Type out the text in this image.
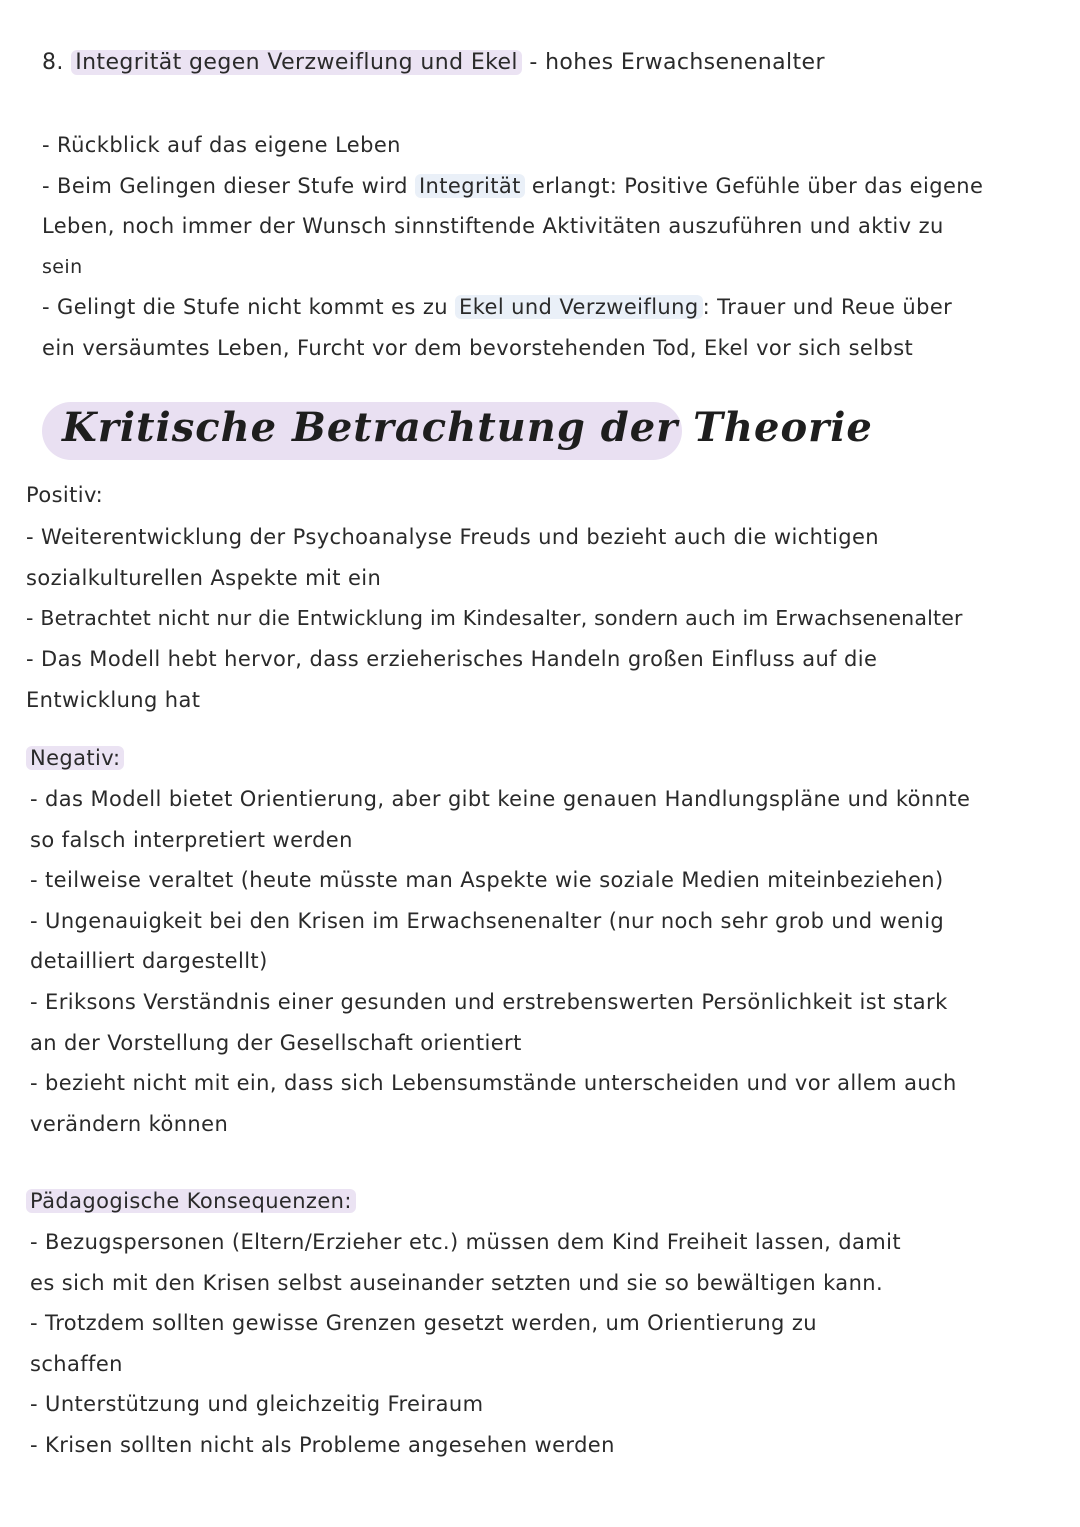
8. Integrität gegen Verzweiflung und Ekel - hohes Erwachsenenalter

- Rückblick auf das eigene Leben

- Beim Gelingen dieser Stufe wird Integrität erlangt: Positive Gefühle über das eigene

Leben, noch immer der Wunsch sinnstiftende Aktivitäten auszuführen und aktiv zu

sein

- Gelingt die Stufe nicht kommt es zu Ekel und Verzweiflung : Trauer und Reue über

ein versäumtes Leben, Furcht vor dem bevorstehenden Tod, Ekel vor sich selbst

Kritische Betrachtung der Theorie

Positiv:

- Weiterentwicklung der Psychoanalyse Freuds und bezieht auch die wichtigen

sozialkulturellen Aspekte mit ein

- Betrachtet nicht nur die Entwicklung im Kindesalter, sondern auch im Erwachsenenalter

- Das Modell hebt hervor, dass erzieherisches Handeln großen Einfluss auf die

Entwicklung hat

Negativ:

- das Modell bietet Orientierung, aber gibt keine genauen Handlungspläne und könnte

so falsch interpretiert werden

- teilweise veraltet (heute müsste man Aspekte wie soziale Medien miteinbeziehen)

- Ungenauigkeit bei den Krisen im Erwachsenenalter (nur noch sehr grob und wenig

detailliert dargestellt)

- Eriksons Verständnis einer gesunden und erstrebenswerten Persönlichkeit ist stark

an der Vorstellung der Gesellschaft orientiert

- bezieht nicht mit ein, dass sich Lebensumstände unterscheiden und vor allem auch

verändern können

Pädagogische Konsequenzen:

- Bezugspersonen (Eltern/Erzieher etc.) müssen dem Kind Freiheit lassen, damit

es sich mit den Krisen selbst auseinander setzten und sie so bewältigen kann.

- Trotzdem sollten gewisse Grenzen gesetzt werden, um Orientierung zu

schaffen

- Unterstützung und gleichzeitig Freiraum

- Krisen sollten nicht als Probleme angesehen werden
